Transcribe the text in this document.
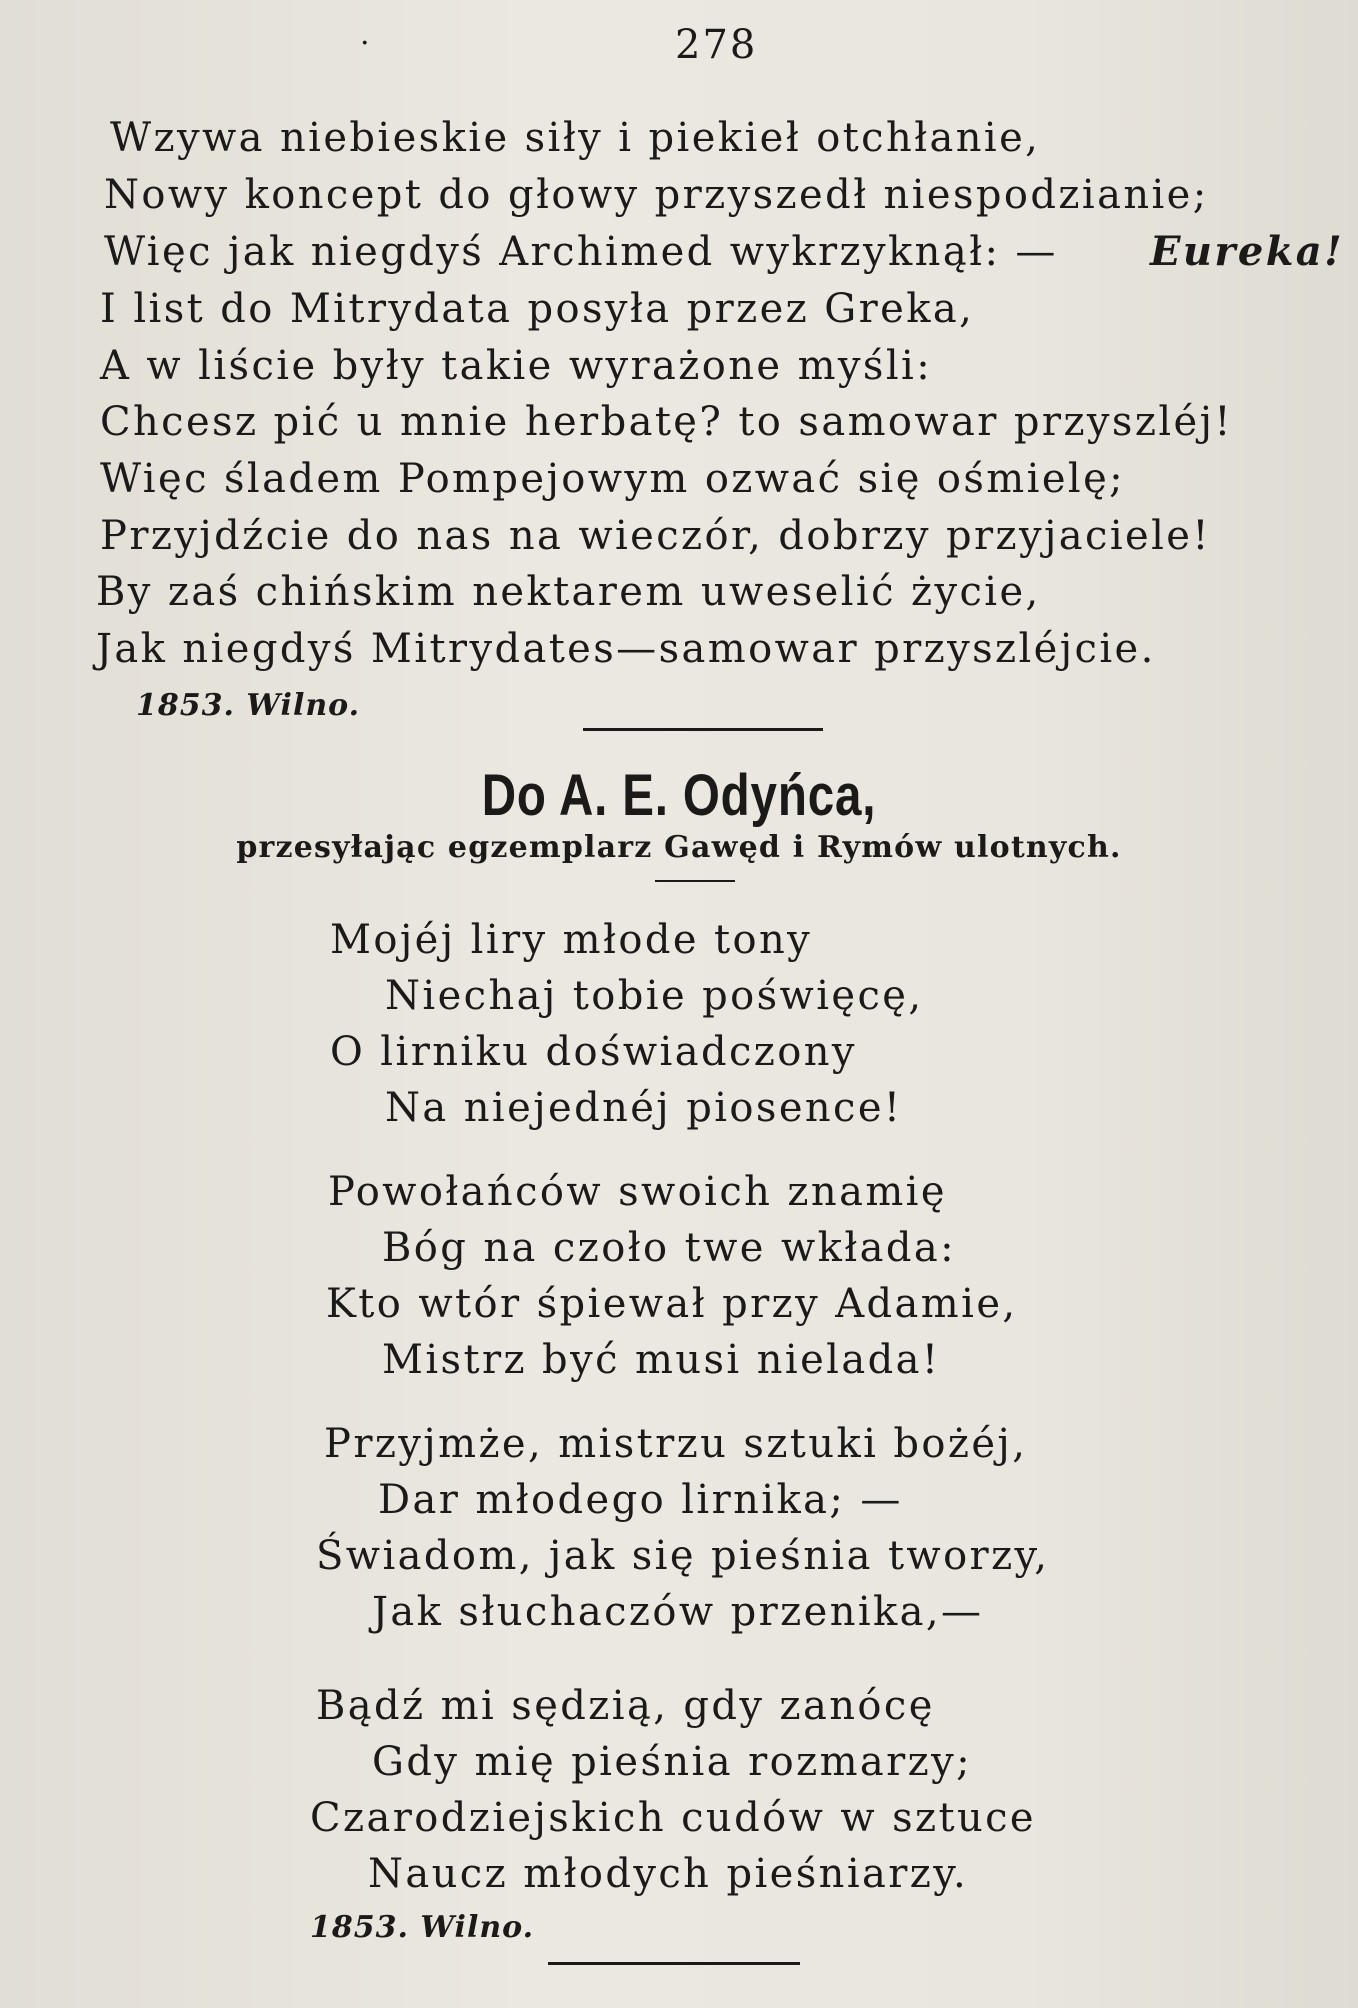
·	278
Wzywa niebieskie siły i piekieł otchłanie,
Nowy koncept do głowy przyszedł niespodzianie;
Więc jak niegdyś Archimed wykrzyknął: — Eureka!
I list do Mitrydata posyła przez Greka,
A w liście były takie wyrażone myśli:
Chcesz pić u mnie herbatę? to samowar przyszléj!
Więc śladem Pompejowym ozwać się ośmielę;
Przyjdźcie do nas na wieczór, dobrzy przyjaciele!
By zaś chińskim nektarem uweselić życie,
Jak niegdyś Mitrydates—samowar przyszléjcie.
1853. Wilno.
Do A. E. Odyńca,
przesyłając egzemplarz Gawęd i Rymów ulotnych.
Mojéj liry młode tony
Niechaj tobie poświęcę,
O lirniku doświadczony
Na niejednéj piosence!
Powołańców swoich znamię
Bóg na czoło twe wkłada:
Kto wtór śpiewał przy Adamie,
Mistrz być musi nielada!
Przyjmże, mistrzu sztuki bożéj,
Dar młodego lirnika; —
Świadom, jak się pieśnia tworzy,
Jak słuchaczów przenika,—
Bądź mi sędzią, gdy zanócę
Gdy mię pieśnia rozmarzy;
Czarodziejskich cudów w sztuce
Naucz młodych pieśniarzy.
1853. Wilno.
